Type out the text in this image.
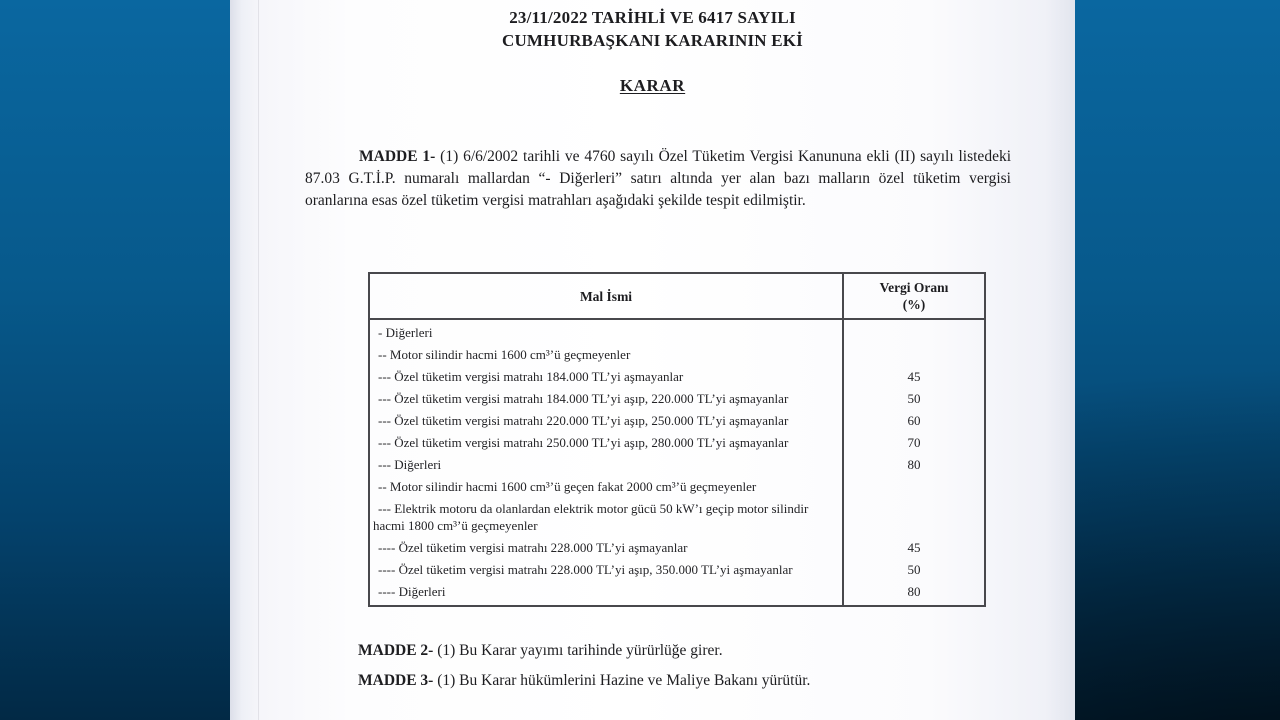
23/11/2022 TARİHLİ VE 6417 SAYILI
CUMHURBAŞKANI KARARININ EKİ
KARAR

MADDE 1- (1) 6/6/2002 tarihli ve 4760 sayılı Özel Tüketim Vergisi Kanununa ekli (II) sayılı listedeki 87.03 G.T.İ.P. numaralı mallardan “- Diğerleri” satırı altında yer alan bazı malların özel tüketim vergisi oranlarına esas özel tüketim vergisi matrahları aşağıdaki şekilde tespit edilmiştir.

Mal İsmi	Vergi Oranı
(%)

- Diğerleri	
-- Motor silindir hacmi 1600 cm³’ü geçmeyenler	
--- Özel tüketim vergisi matrahı 184.000 TL’yi aşmayanlar	45
--- Özel tüketim vergisi matrahı 184.000 TL’yi aşıp, 220.000 TL’yi aşmayanlar	50
--- Özel tüketim vergisi matrahı 220.000 TL’yi aşıp, 250.000 TL’yi aşmayanlar	60
--- Özel tüketim vergisi matrahı 250.000 TL’yi aşıp, 280.000 TL’yi aşmayanlar	70
--- Diğerleri	80
-- Motor silindir hacmi 1600 cm³’ü geçen fakat 2000 cm³’ü geçmeyenler	
--- Elektrik motoru da olanlardan elektrik motor gücü 50 kW’ı geçip motor silindir hacmi 1800 cm³’ü geçmeyenler	
---- Özel tüketim vergisi matrahı 228.000 TL’yi aşmayanlar	45
---- Özel tüketim vergisi matrahı 228.000 TL’yi aşıp, 350.000 TL’yi aşmayanlar	50
---- Diğerleri	80

MADDE 2- (1) Bu Karar yayımı tarihinde yürürlüğe girer.

MADDE 3- (1) Bu Karar hükümlerini Hazine ve Maliye Bakanı yürütür.
